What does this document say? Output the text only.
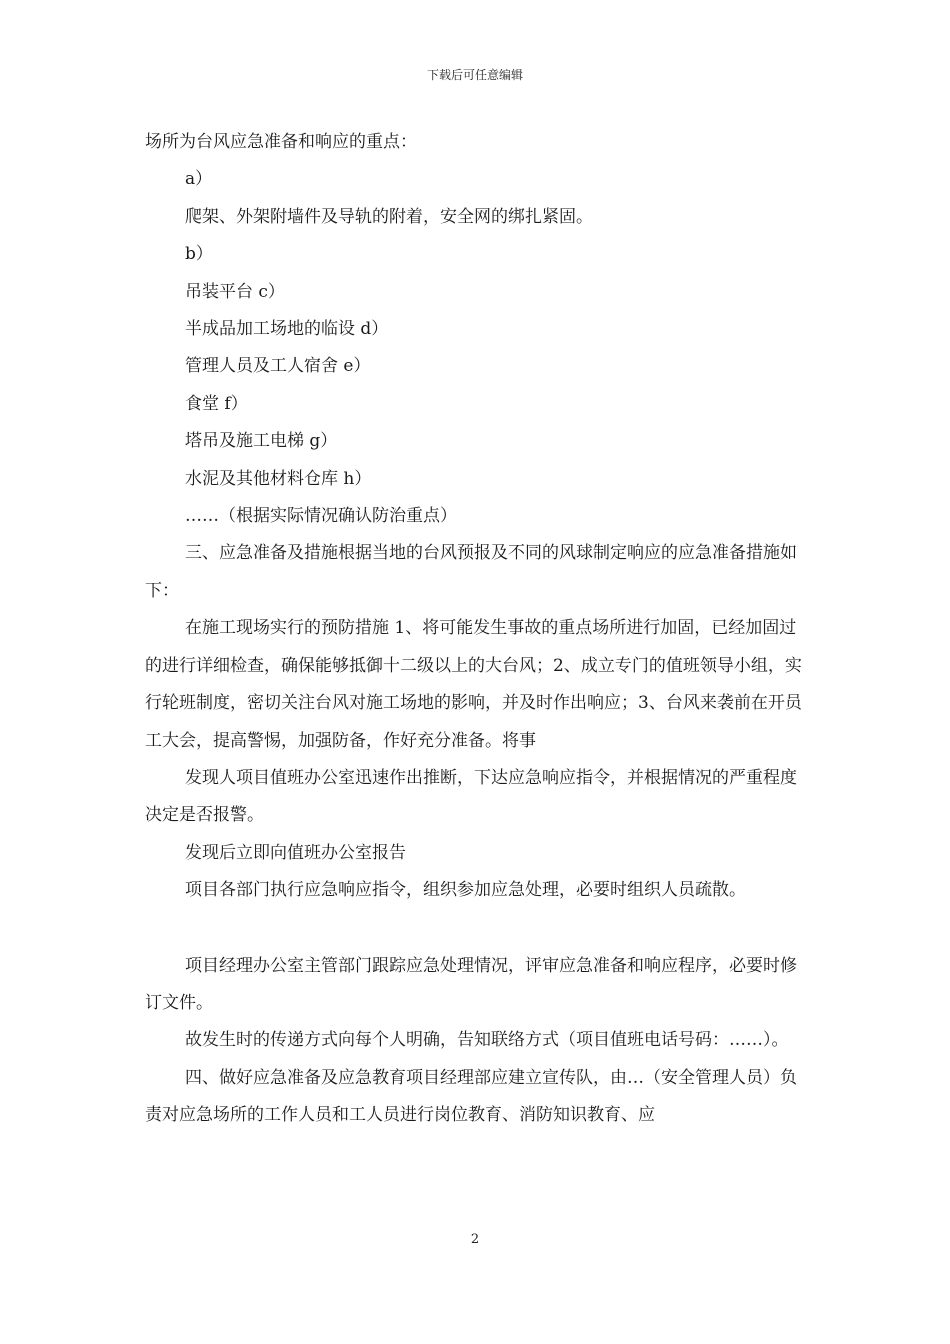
下载后可任意编辑

场所为台风应急准备和响应的重点：

a）

爬架、外架附墙件及导轨的附着，安全网的绑扎紧固。

b）

吊装平台 c）

半成品加工场地的临设 d）

管理人员及工人宿舍 e）

食堂 f）

塔吊及施工电梯 g）

水泥及其他材料仓库 h）

……（根据实际情况确认防治重点）

三、应急准备及措施根据当地的台风预报及不同的风球制定响应的应急准备措施如下：

在施工现场实行的预防措施 1、将可能发生事故的重点场所进行加固，已经加固过的进行详细检查，确保能够抵御十二级以上的大台风；2、成立专门的值班领导小组，实行轮班制度，密切关注台风对施工场地的影响，并及时作出响应；3、台风来袭前在开员工大会，提高警惕，加强防备，作好充分准备。将事

发现人项目值班办公室迅速作出推断，下达应急响应指令，并根据情况的严重程度决定是否报警。

发现后立即向值班办公室报告

项目各部门执行应急响应指令，组织参加应急处理，必要时组织人员疏散。

项目经理办公室主管部门跟踪应急处理情况，评审应急准备和响应程序，必要时修订文件。

故发生时的传递方式向每个人明确，告知联络方式（项目值班电话号码：……）。

四、做好应急准备及应急教育项目经理部应建立宣传队，由…（安全管理人员）负责对应急场所的工作人员和工人员进行岗位教育、消防知识教育、应

2
